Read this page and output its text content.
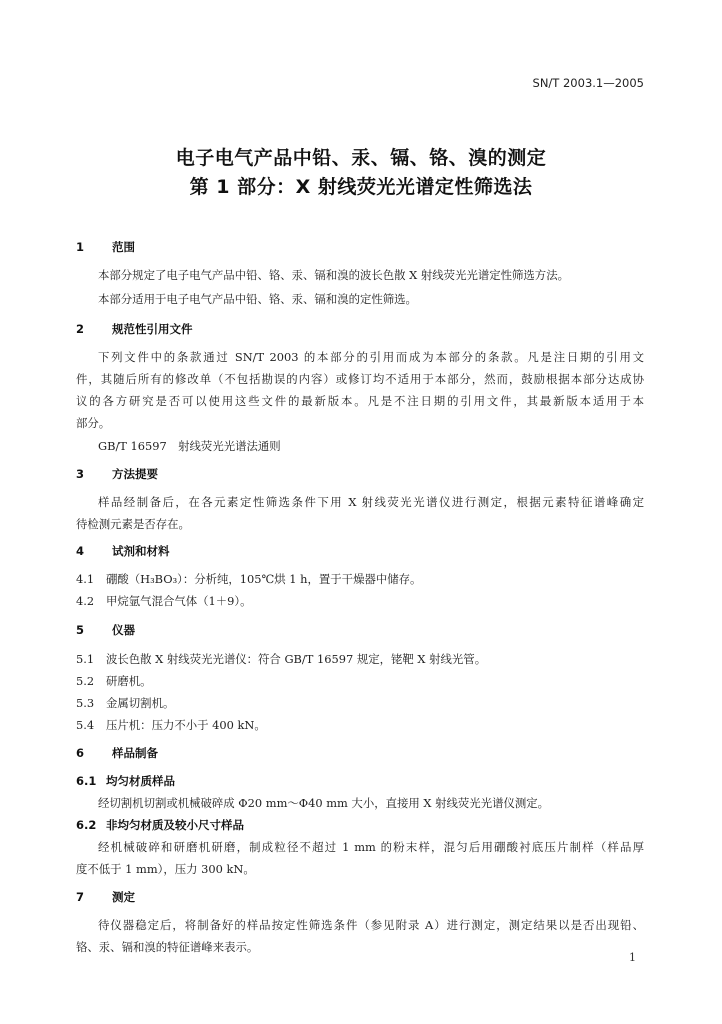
SN/T 2003.1—2005
电子电气产品中铅、汞、镉、铬、溴的测定
第 1 部分：X 射线荧光光谱定性筛选法
1 范围
本部分规定了电子电气产品中铅、铬、汞、镉和溴的波长色散 X 射线荧光光谱定性筛选方法。
本部分适用于电子电气产品中铅、铬、汞、镉和溴的定性筛选。
2 规范性引用文件
下列文件中的条款通过 SN/T 2003 的本部分的引用而成为本部分的条款。凡是注日期的引用文
件，其随后所有的修改单（不包括勘误的内容）或修订均不适用于本部分，然而，鼓励根据本部分达成协
议的各方研究是否可以使用这些文件的最新版本。凡是不注日期的引用文件，其最新版本适用于本
部分。
GB/T 16597　射线荧光光谱法通则
3 方法提要
样品经制备后，在各元素定性筛选条件下用 X 射线荧光光谱仪进行测定，根据元素特征谱峰确定
待检测元素是否存在。
4 试剂和材料
4.1 硼酸（H₃BO₃）：分析纯，105℃烘 1 h，置于干燥器中储存。
4.2 甲烷氩气混合气体（1＋9）。
5 仪器
5.1 波长色散 X 射线荧光光谱仪：符合 GB/T 16597 规定，铑靶 X 射线光管。
5.2 研磨机。
5.3 金属切割机。
5.4 压片机：压力不小于 400 kN。
6 样品制备
6.1 均匀材质样品
经切割机切割或机械破碎成 Φ20 mm～Φ40 mm 大小，直接用 X 射线荧光光谱仪测定。
6.2 非均匀材质及较小尺寸样品
经机械破碎和研磨机研磨，制成粒径不超过 1 mm 的粉末样，混匀后用硼酸衬底压片制样（样品厚
度不低于 1 mm），压力 300 kN。
7 测定
待仪器稳定后，将制备好的样品按定性筛选条件（参见附录 A）进行测定，测定结果以是否出现铅、
铬、汞、镉和溴的特征谱峰来表示。
1
